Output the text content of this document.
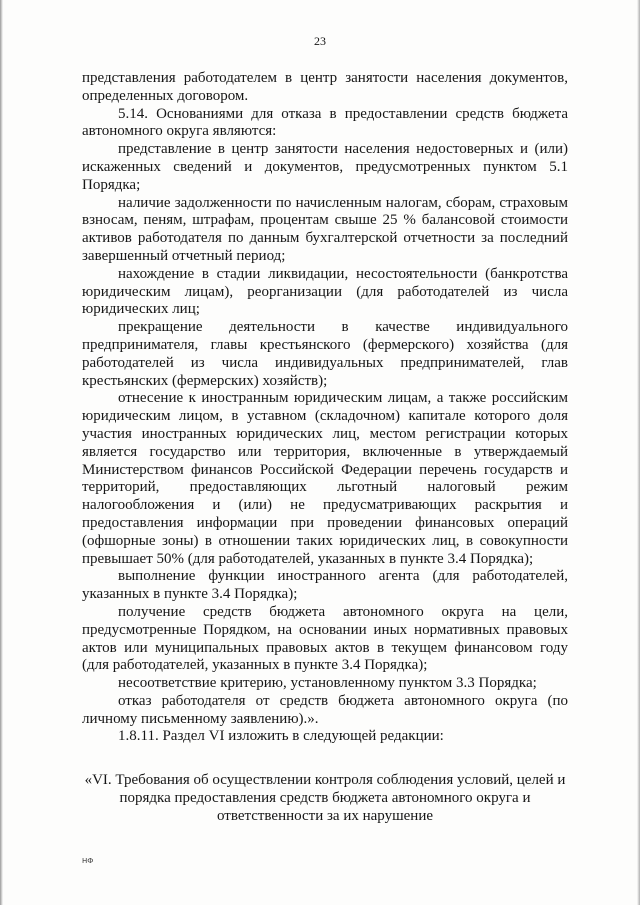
23

представления работодателем в центр занятости населения документов, определенных договором.

5.14. Основаниями для отказа в предоставлении средств бюджета автономного округа являются:

представление в центр занятости населения недостоверных и (или) искаженных сведений и документов, предусмотренных пунктом 5.1 Порядка;

наличие задолженности по начисленным налогам, сборам, страховым взносам, пеням, штрафам, процентам свыше 25 % балансовой стоимости активов работодателя по данным бухгалтерской отчетности за последний завершенный отчетный период;

нахождение в стадии ликвидации, несостоятельности (банкротства юридическим лицам), реорганизации (для работодателей из числа юридических лиц;

прекращение деятельности в качестве индивидуального предпринимателя, главы крестьянского (фермерского) хозяйства (для работодателей из числа индивидуальных предпринимателей, глав крестьянских (фермерских) хозяйств);

отнесение к иностранным юридическим лицам, а также российским юридическим лицом, в уставном (складочном) капитале которого доля участия иностранных юридических лиц, местом регистрации которых является государство или территория, включенные в утверждаемый Министерством финансов Российской Федерации перечень государств и территорий, предоставляющих льготный налоговый режим налогообложения и (или) не предусматривающих раскрытия и предоставления информации при проведении финансовых операций (офшорные зоны) в отношении таких юридических лиц, в совокупности превышает 50% (для работодателей, указанных в пункте 3.4 Порядка);

выполнение функции иностранного агента (для работодателей, указанных в пункте 3.4 Порядка);

получение средств бюджета автономного округа на цели, предусмотренные Порядком, на основании иных нормативных правовых актов или муниципальных правовых актов в текущем финансовом году (для работодателей, указанных в пункте 3.4 Порядка);

несоответствие критерию, установленному пунктом 3.3 Порядка;

отказ работодателя от средств бюджета автономного округа (по личному письменному заявлению).».

1.8.11. Раздел VI изложить в следующей редакции:

«VI. Требования об осуществлении контроля соблюдения условий, целей и порядка предоставления средств бюджета автономного округа и ответственности за их нарушение
НФ
